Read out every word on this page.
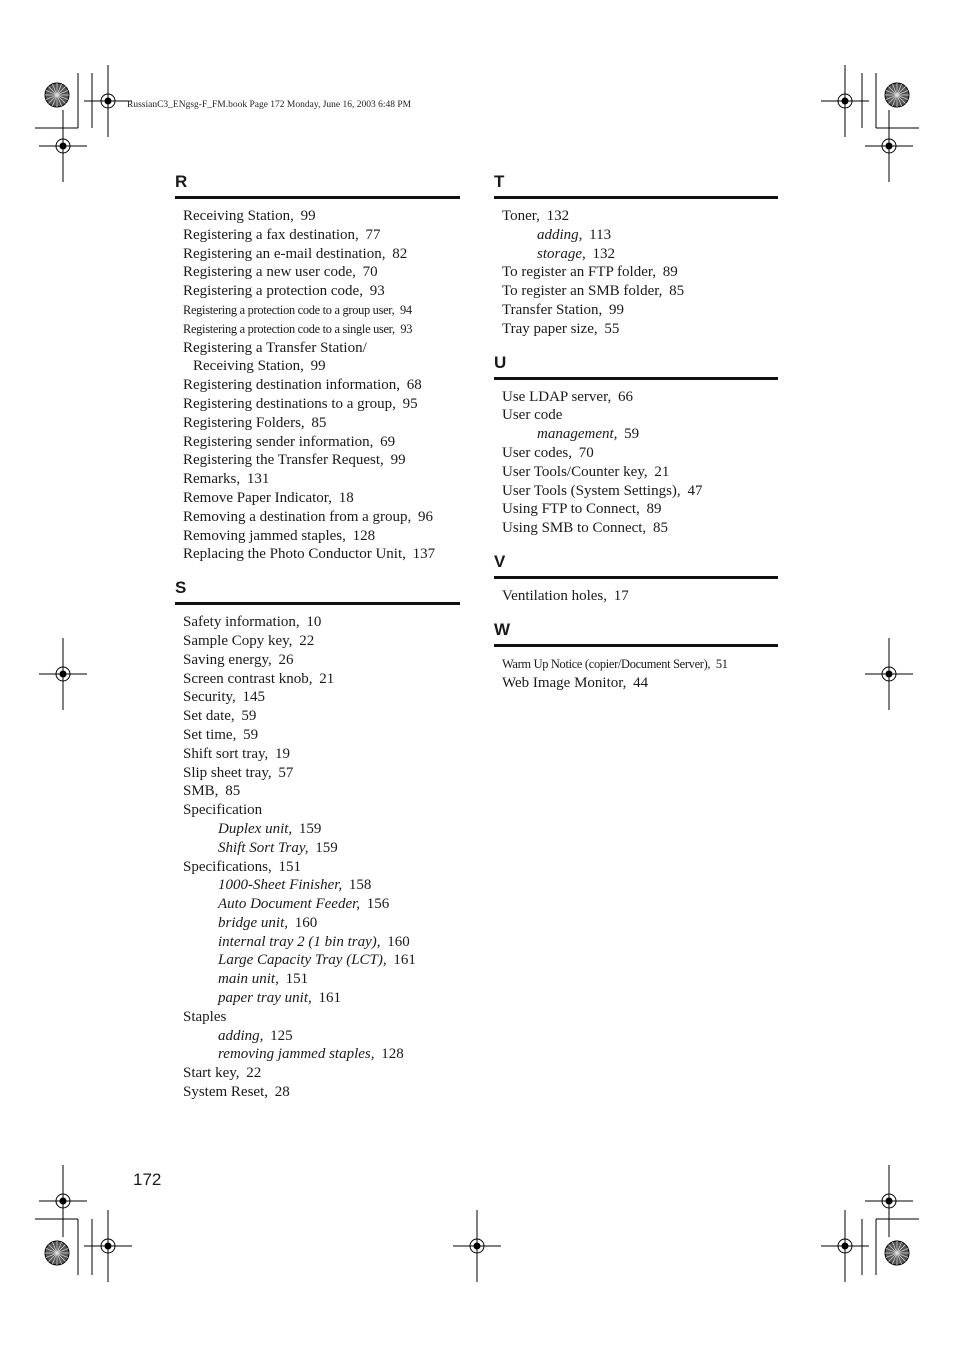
RussianC3_ENgsg-F_FM.book Page 172 Monday, June 16, 2003 6:48 PM
R
Receiving Station, 99
Registering a fax destination, 77
Registering an e-mail destination, 82
Registering a new user code, 70
Registering a protection code, 93
Registering a protection code to a group user, 94
Registering a protection code to a single user, 93
Registering a Transfer Station/
Receiving Station, 99
Registering destination information, 68
Registering destinations to a group, 95
Registering Folders, 85
Registering sender information, 69
Registering the Transfer Request, 99
Remarks, 131
Remove Paper Indicator, 18
Removing a destination from a group, 96
Removing jammed staples, 128
Replacing the Photo Conductor Unit, 137
S
Safety information, 10
Sample Copy key, 22
Saving energy, 26
Screen contrast knob, 21
Security, 145
Set date, 59
Set time, 59
Shift sort tray, 19
Slip sheet tray, 57
SMB, 85
Specification
Duplex unit, 159
Shift Sort Tray, 159
Specifications, 151
1000-Sheet Finisher, 158
Auto Document Feeder, 156
bridge unit, 160
internal tray 2 (1 bin tray), 160
Large Capacity Tray (LCT), 161
main unit, 151
paper tray unit, 161
Staples
adding, 125
removing jammed staples, 128
Start key, 22
System Reset, 28
T
Toner, 132
adding, 113
storage, 132
To register an FTP folder, 89
To register an SMB folder, 85
Transfer Station, 99
Tray paper size, 55
U
Use LDAP server, 66
User code
management, 59
User codes, 70
User Tools/Counter key, 21
User Tools (System Settings), 47
Using FTP to Connect, 89
Using SMB to Connect, 85
V
Ventilation holes, 17
W
Warm Up Notice (copier/Document Server), 51
Web Image Monitor, 44
172
